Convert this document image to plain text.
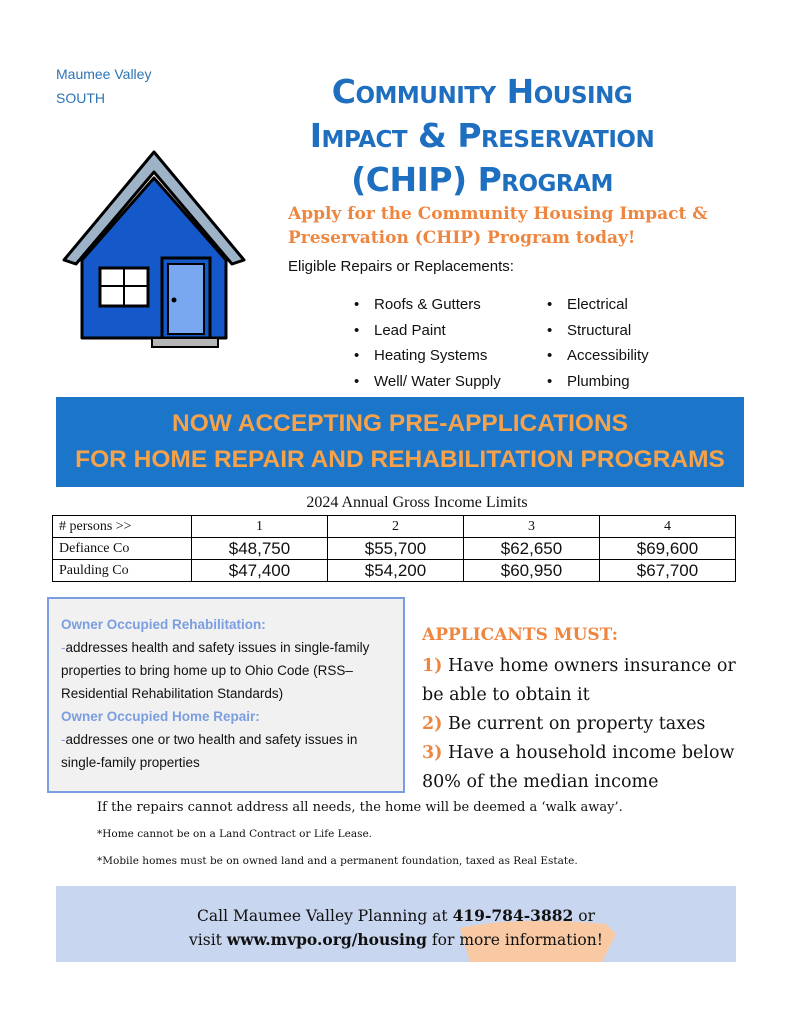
Maumee Valley
SOUTH	Community Housing
Impact & Preservation
(CHIP) Program
Apply for the Community Housing Impact &
Preservation (CHIP) Program today!
Eligible Repairs or Replacements:
• Roofs & Gutters
• Lead Paint
• Heating Systems
• Well/ Water Supply
• Electrical
• Structural
• Accessibility
• Plumbing
NOW ACCEPTING PRE-APPLICATIONS
FOR HOME REPAIR AND REHABILITATION PROGRAMS
2024 Annual Gross Income Limits
# persons >>	1	2	3	4
Defiance Co	$48,750	$55,700	$62,650	$69,600
Paulding Co	$47,400	$54,200	$60,950	$67,700
Owner Occupied Rehabilitation:
-addresses health and safety issues in single-family properties to bring home up to Ohio Code (RSS– Residential Rehabilitation Standards)
Owner Occupied Home Repair:
-addresses one or two health and safety issues in single-family properties
APPLICANTS MUST:
1) Have home owners insurance or be able to obtain it
2) Be current on property taxes
3) Have a household income below 80% of the median income
If the repairs cannot address all needs, the home will be deemed a ‘walk away’.
*Home cannot be on a Land Contract or Life Lease.
*Mobile homes must be on owned land and a permanent foundation, taxed as Real Estate.
Call Maumee Valley Planning at 419-784-3882 or
visit www.mvpo.org/housing for more information!
